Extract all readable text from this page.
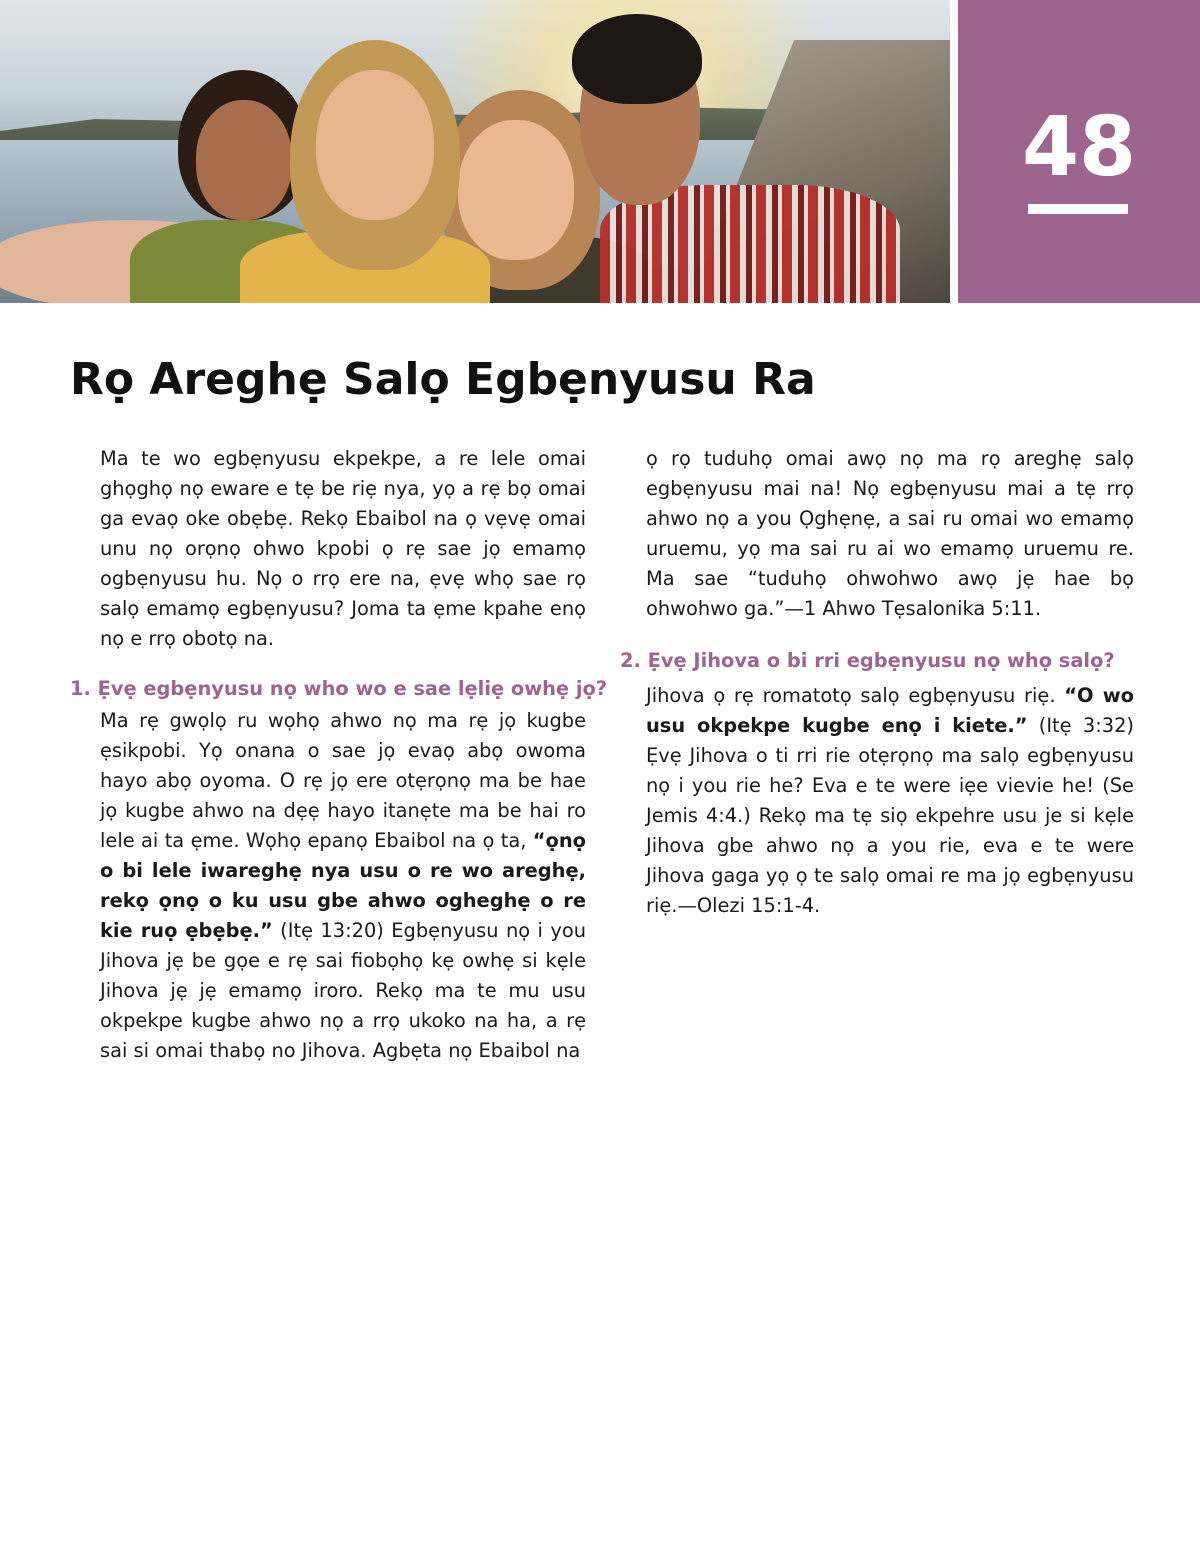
48
Rọ Areghẹ Salọ Egbẹnyusu Ra

Ma te wo egbẹnyusu ekpekpe, a re lele omai ghọghọ nọ eware e tẹ be riẹ nya, yọ a rẹ bọ omai ga evaọ oke obẹbẹ. Rekọ Ebaibol na ọ vẹvẹ omai unu nọ orọnọ ohwo kpobi ọ rẹ sae jọ emamọ ogbẹnyusu hu. Nọ o rrọ ere na, ẹvẹ whọ sae rọ salọ emamọ egbẹnyusu? Joma ta ẹme kpahe enọ nọ e rrọ obotọ na.

1. Ẹvẹ egbẹnyusu nọ who wo e sae lẹliẹ owhẹ jọ?

Ma rẹ gwọlọ ru wọhọ ahwo nọ ma rẹ jọ kugbe ẹsikpobi. Yọ onana o sae jọ evaọ abọ owoma hayo abọ oyoma. O rẹ jọ ere otẹrọnọ ma be hae jọ kugbe ahwo na dẹẹ hayo itanẹte ma be hai ro lele ai ta ẹme. Wọhọ epanọ Ebaibol na ọ ta, “ọnọ o bi lele iwareghẹ nya usu o re wo areghẹ, rekọ ọnọ o ku usu gbe ahwo ogheghẹ o re kie ruọ ẹbẹbẹ.” (Itẹ 13:20) Egbẹnyusu nọ i you Jihova jẹ be gọe e rẹ sai fiobọhọ kẹ owhẹ si kẹle Jihova jẹ jẹ emamọ iroro. Rekọ ma te mu usu okpekpe kugbe ahwo nọ a rrọ ukoko na ha, a rẹ sai si omai thabọ no Jihova. Agbẹta nọ Ebaibol na

2. Ẹvẹ Jihova o bi rri egbẹnyusu nọ whọ salọ?

Jihova ọ rẹ romatotọ salọ egbẹnyusu riẹ. “O wo usu okpekpe kugbe enọ i kiete.” (Itẹ 3:32) Ẹvẹ Jihova o ti rri rie otẹrọnọ ma salọ egbẹnyusu nọ i you rie he? Eva e te were iẹe vievie he! (Se Jemis 4:4.) Rekọ ma tẹ siọ ekpehre usu je si kẹle Jihova gbe ahwo nọ a you rie, eva e te were Jihova gaga yọ ọ te salọ omai re ma jọ egbẹnyusu riẹ.—Olezi 15:1-4.

ọ rọ tuduhọ omai awọ nọ ma rọ areghẹ salọ egbẹnyusu mai na! Nọ egbẹnyusu mai a tẹ rrọ ahwo nọ a you Ọghẹnẹ, a sai ru omai wo emamọ uruemu, yọ ma sai ru ai wo emamọ uruemu re. Ma sae “tuduhọ ohwohwo awọ jẹ hae bọ ohwohwo ga.”—1 Ahwo Tẹsalonika 5:11.
